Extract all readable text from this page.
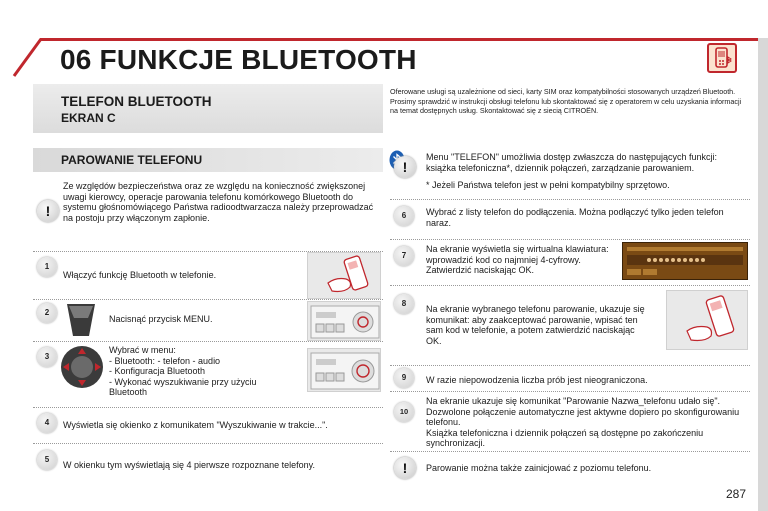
06 FUNKCJE BLUETOOTH
TELEFON BLUETOOTH
EKRAN C
Oferowane usługi są uzależnione od sieci, karty SIM oraz kompatybilności stosowanych urządzeń Bluetooth.
Prosimy sprawdzić w instrukcji obsługi telefonu lub skontaktować się z operatorem w celu uzyskania informacji na temat dostępnych usług. Skontaktować się z siecią CITROËN.
PAROWANIE TELEFONU
!
Ze względów bezpieczeństwa oraz ze względu na konieczność zwiększonej uwagi kierowcy, operacje parowania telefonu komórkowego Bluetooth do systemu głośnomówiącego Państwa radioodtwarzacza należy przeprowadzać na postoju przy włączonym zapłonie.
1
Włączyć funkcję Bluetooth w telefonie.
2
Nacisnąć przycisk MENU.
3
Wybrać w menu:
- Bluetooth: - telefon - audio
- Konfiguracja Bluetooth
- Wykonać wyszukiwanie przy użyciu
Bluetooth
4	Wyświetla się okienko z komunikatem "Wyszukiwanie w trakcie...".
5
W okienku tym wyświetlają się 4 pierwsze rozpoznane telefony.
!
Menu "TELEFON" umożliwia dostęp zwłaszcza do następujących funkcji: książka telefoniczna*, dziennik połączeń, zarządzanie parowaniem.
* Jeżeli Państwa telefon jest w pełni kompatybilny sprzętowo.
6	Wybrać z listy telefon do podłączenia. Można podłączyć tylko jeden telefon naraz.
7
Na ekranie wyświetla się wirtualna klawiatura: wprowadzić kod co najmniej 4-cyfrowy.
Zatwierdzić naciskając OK.
8
Na ekranie wybranego telefonu parowanie, ukazuje się komunikat: aby zaakceptować parowanie, wpisać ten sam kod w telefonie, a potem zatwierdzić naciskając OK.
9	W razie niepowodzenia liczba prób jest nieograniczona.
10
Na ekranie ukazuje się komunikat "Parowanie Nazwa_telefonu udało się".
Dozwolone połączenie automatyczne jest aktywne dopiero po skonfigurowaniu telefonu.
Książka telefoniczna i dziennik połączeń są dostępne po zakończeniu synchronizacji.
!	Parowanie można także zainicjować z poziomu telefonu.
287
